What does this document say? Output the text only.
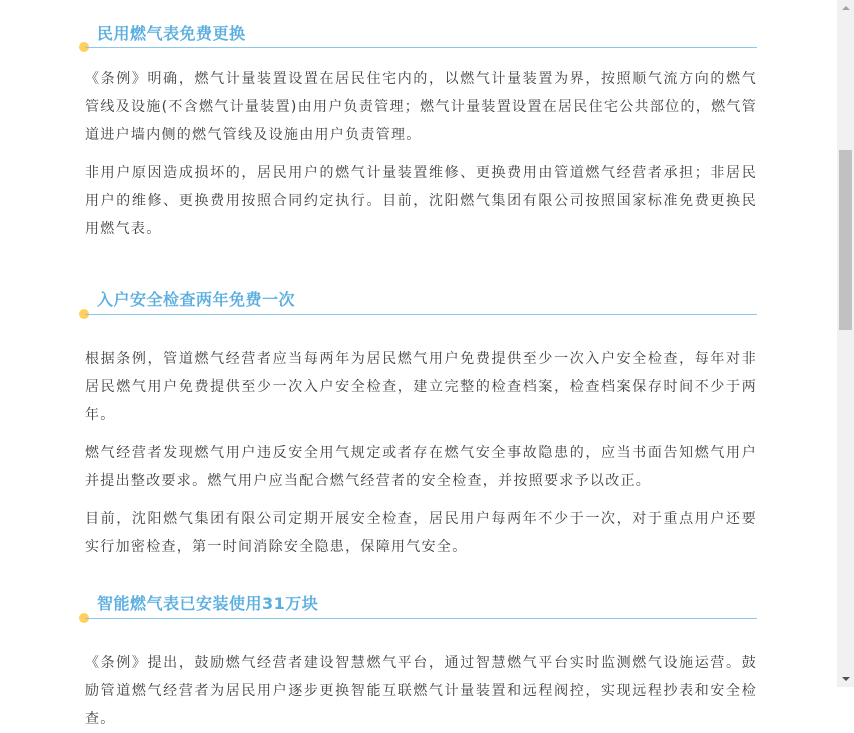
民用燃气表免费更换

《条例》明确，燃气计量装置设置在居民住宅内的，以燃气计量装置为界，按照顺气流方向的燃气管线及设施(不含燃气计量装置)由用户负责管理；燃气计量装置设置在居民住宅公共部位的，燃气管道进户墙内侧的燃气管线及设施由用户负责管理。

非用户原因造成损坏的，居民用户的燃气计量装置维修、更换费用由管道燃气经营者承担；非居民用户的维修、更换费用按照合同约定执行。目前，沈阳燃气集团有限公司按照国家标准免费更换民用燃气表。

入户安全检查两年免费一次

根据条例，管道燃气经营者应当每两年为居民燃气用户免费提供至少一次入户安全检查，每年对非居民燃气用户免费提供至少一次入户安全检查，建立完整的检查档案，检查档案保存时间不少于两年。

燃气经营者发现燃气用户违反安全用气规定或者存在燃气安全事故隐患的，应当书面告知燃气用户并提出整改要求。燃气用户应当配合燃气经营者的安全检查，并按照要求予以改正。

目前，沈阳燃气集团有限公司定期开展安全检查，居民用户每两年不少于一次，对于重点用户还要实行加密检查，第一时间消除安全隐患，保障用气安全。

智能燃气表已安装使用31万块

《条例》提出，鼓励燃气经营者建设智慧燃气平台，通过智慧燃气平台实时监测燃气设施运营。鼓励管道燃气经营者为居民用户逐步更换智能互联燃气计量装置和远程阀控，实现远程抄表和安全检查。
